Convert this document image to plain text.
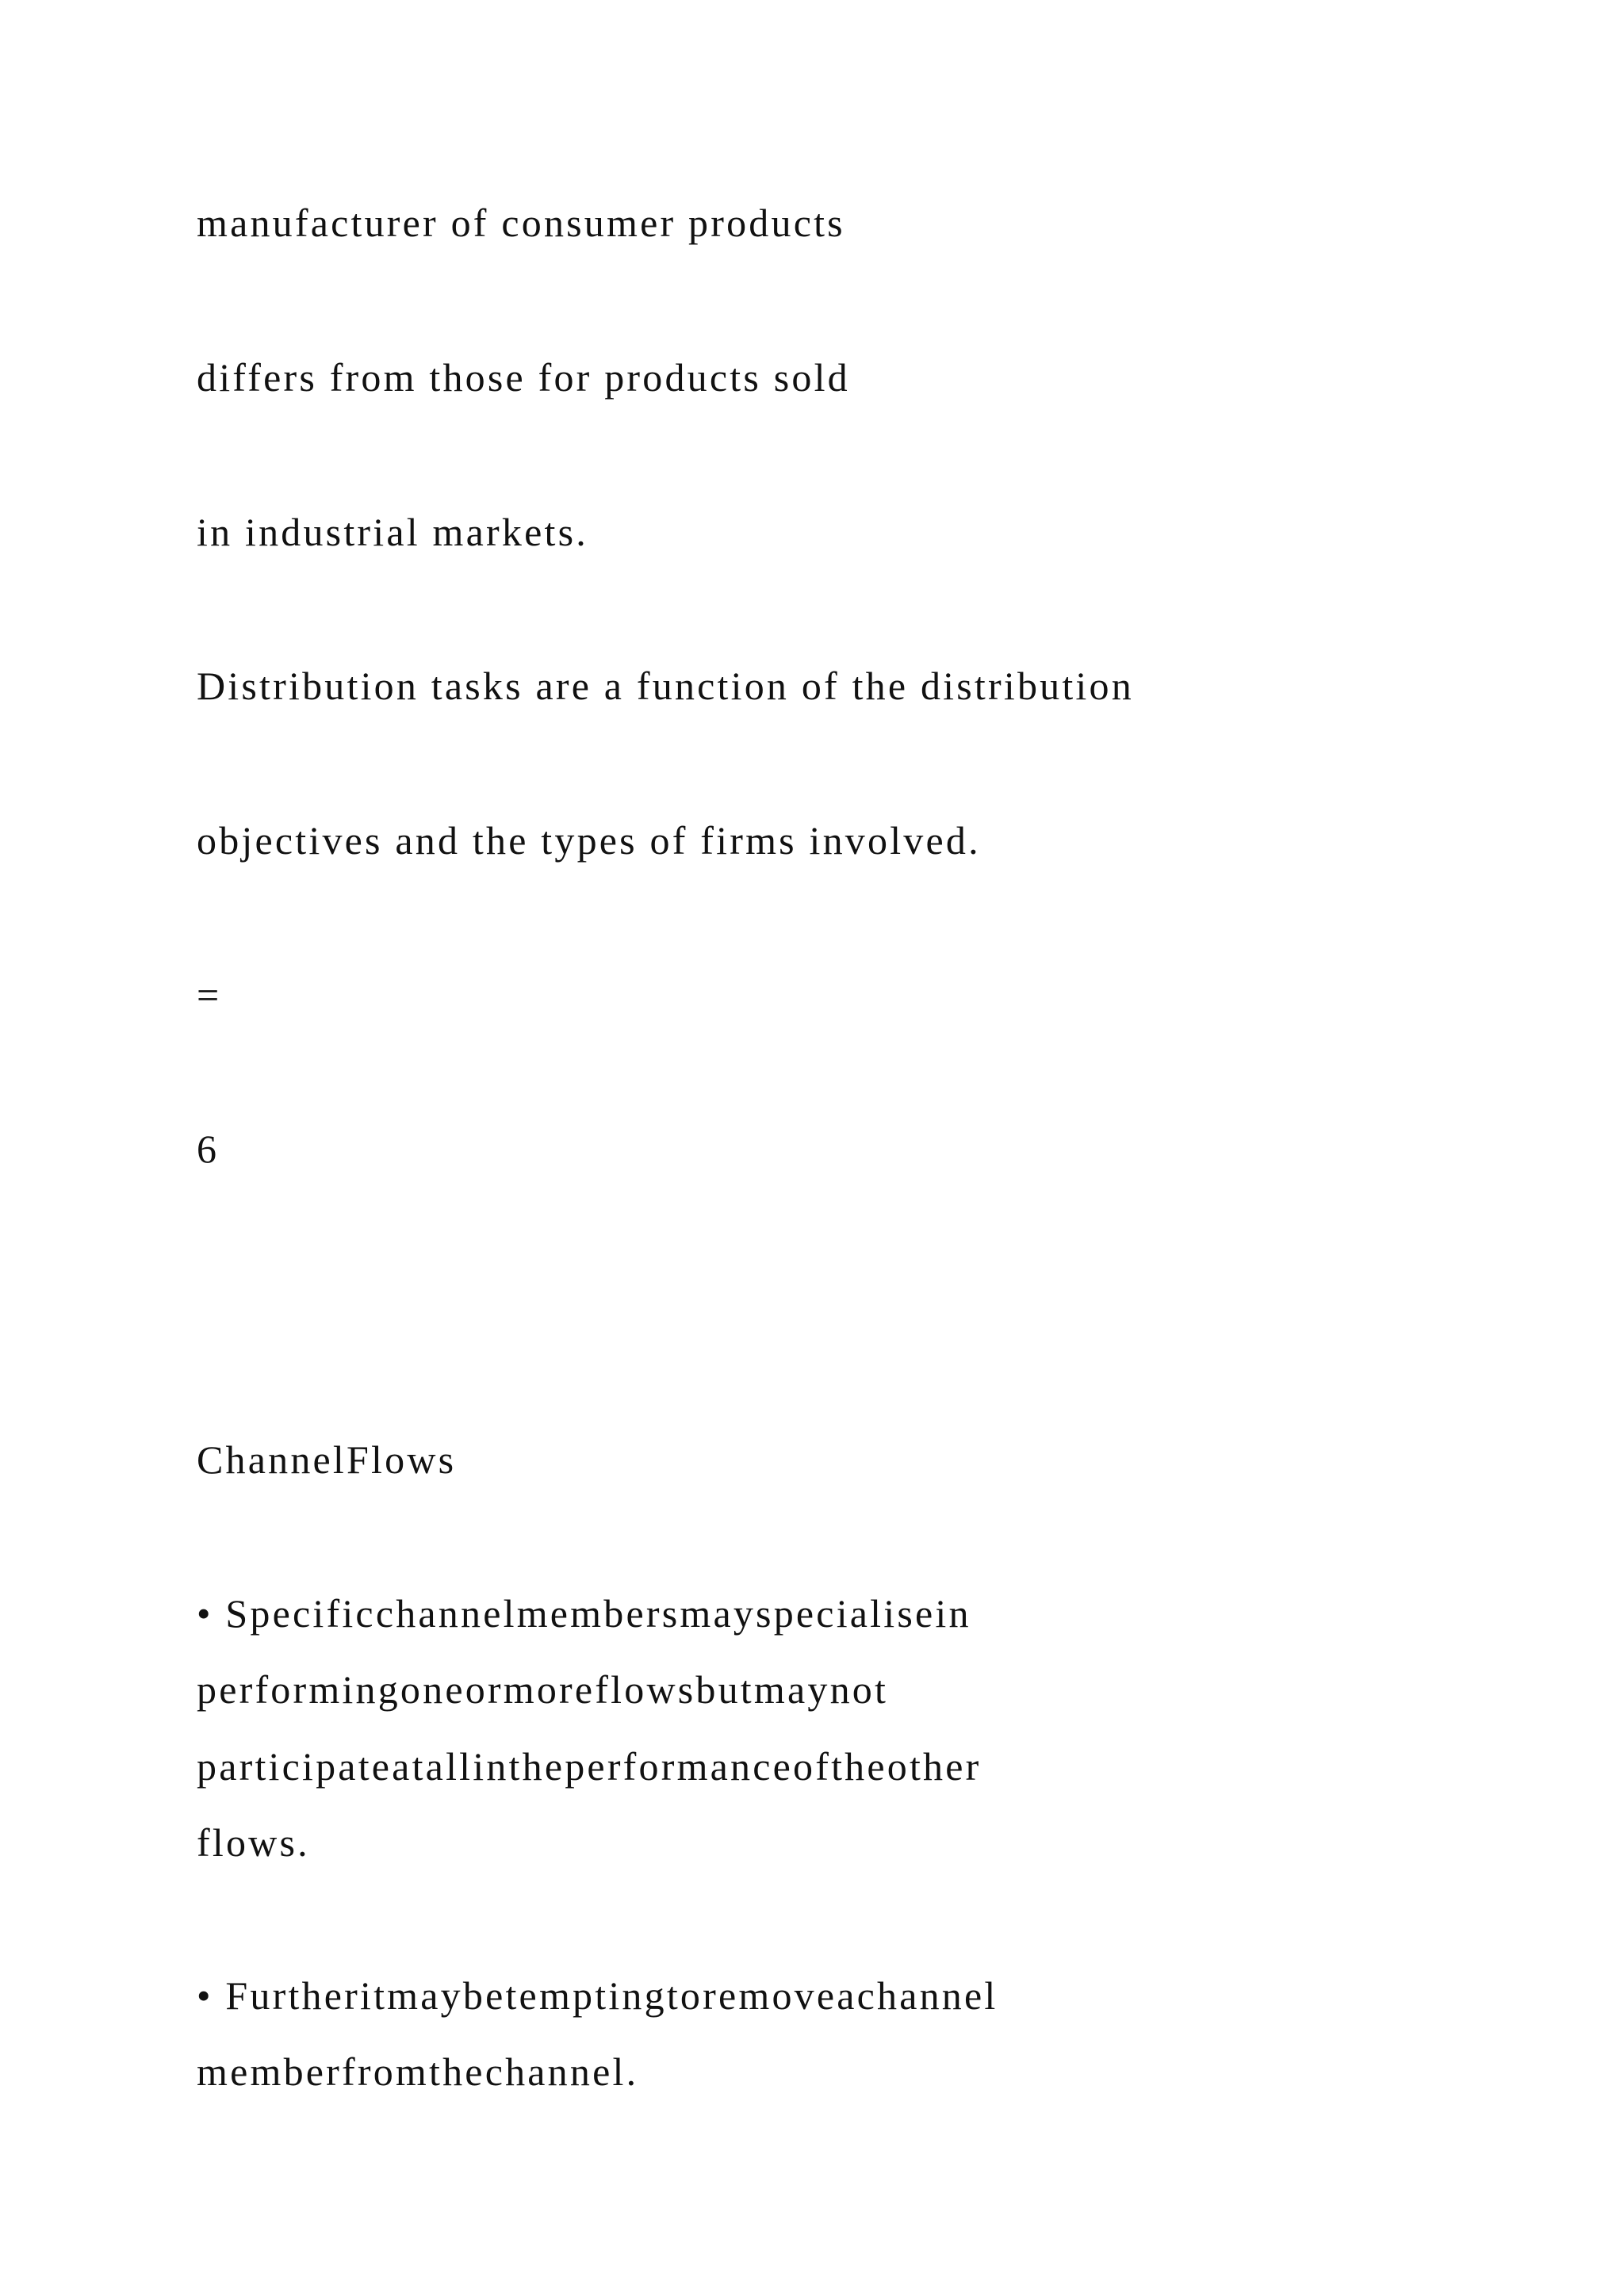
manufacturer of consumer products
differs from those for products sold
in industrial markets.
Distribution tasks are a function of the distribution
objectives and the types of firms involved.
=
6
ChannelFlows
• Specificchannelmembersmayspecialisein
performingoneormoreflowsbutmaynot
participateatallintheperformanceoftheother
flows.
• Furtheritmaybetemptingtoremoveachannel
memberfromthechannel.
